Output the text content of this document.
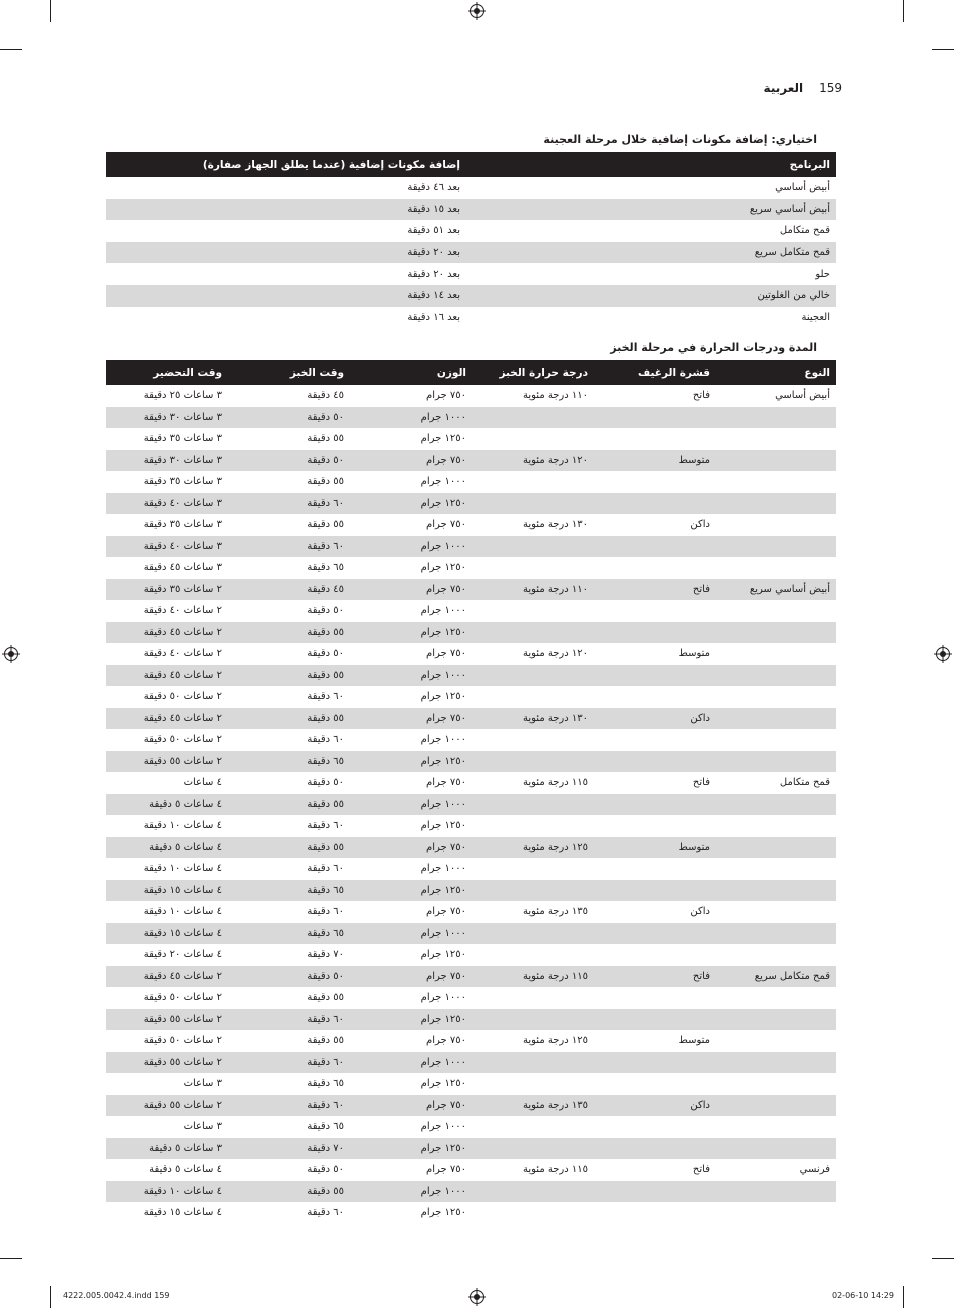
159
العربية
اختياري: إضافة مكونات إضافية خلال مرحلة العجينة
البرنامج	إضافة مكونات إضافية (عندما يطلق الجهاز صفارة)
أبيض أساسي	بعد ٤٦ دقيقة
أبيض أساسي سريع	بعد ١٥ دقيقة
قمح متكامل	بعد ٥١ دقيقة
قمح متكامل سريع	بعد ٢٠ دقيقة
حلو	بعد ٢٠ دقيقة
خالي من الغلوتين	بعد ١٤ دقيقة
العجينة	بعد ١٦ دقيقة
المدة ودرجات الحرارة في مرحلة الخبز
النوع	قشرة الرغيف	درجة حرارة الخبز	الوزن	وقت الخبز	وقت التحضير
أبيض أساسي	فاتح	١١٠ درجة مئوية	٧٥٠ جرام	٤٥ دقيقة	٣ ساعات ٢٥ دقيقة
			١٠٠٠ جرام	٥٠ دقيقة	٣ ساعات ٣٠ دقيقة
			١٢٥٠ جرام	٥٥ دقيقة	٣ ساعات ٣٥ دقيقة
	متوسط	١٢٠ درجة مئوية	٧٥٠ جرام	٥٠ دقيقة	٣ ساعات ٣٠ دقيقة
			١٠٠٠ جرام	٥٥ دقيقة	٣ ساعات ٣٥ دقيقة
			١٢٥٠ جرام	٦٠ دقيقة	٣ ساعات ٤٠ دقيقة
	داكن	١٣٠ درجة مئوية	٧٥٠ جرام	٥٥ دقيقة	٣ ساعات ٣٥ دقيقة
			١٠٠٠ جرام	٦٠ دقيقة	٣ ساعات ٤٠ دقيقة
			١٢٥٠ جرام	٦٥ دقيقة	٣ ساعات ٤٥ دقيقة
أبيض أساسي سريع	فاتح	١١٠ درجة مئوية	٧٥٠ جرام	٤٥ دقيقة	٢ ساعات ٣٥ دقيقة
			١٠٠٠ جرام	٥٠ دقيقة	٢ ساعات ٤٠ دقيقة
			١٢٥٠ جرام	٥٥ دقيقة	٢ ساعات ٤٥ دقيقة
	متوسط	١٢٠ درجة مئوية	٧٥٠ جرام	٥٠ دقيقة	٢ ساعات ٤٠ دقيقة
			١٠٠٠ جرام	٥٥ دقيقة	٢ ساعات ٤٥ دقيقة
			١٢٥٠ جرام	٦٠ دقيقة	٢ ساعات ٥٠ دقيقة
	داكن	١٣٠ درجة مئوية	٧٥٠ جرام	٥٥ دقيقة	٢ ساعات ٤٥ دقيقة
			١٠٠٠ جرام	٦٠ دقيقة	٢ ساعات ٥٠ دقيقة
			١٢٥٠ جرام	٦٥ دقيقة	٢ ساعات ٥٥ دقيقة
قمح متكامل	فاتح	١١٥ درجة مئوية	٧٥٠ جرام	٥٠ دقيقة	٤ ساعات
			١٠٠٠ جرام	٥٥ دقيقة	٤ ساعات ٥ دقيقة
			١٢٥٠ جرام	٦٠ دقيقة	٤ ساعات ١٠ دقيقة
	متوسط	١٢٥ درجة مئوية	٧٥٠ جرام	٥٥ دقيقة	٤ ساعات ٥ دقيقة
			١٠٠٠ جرام	٦٠ دقيقة	٤ ساعات ١٠ دقيقة
			١٢٥٠ جرام	٦٥ دقيقة	٤ ساعات ١٥ دقيقة
	داكن	١٣٥ درجة مئوية	٧٥٠ جرام	٦٠ دقيقة	٤ ساعات ١٠ دقيقة
			١٠٠٠ جرام	٦٥ دقيقة	٤ ساعات ١٥ دقيقة
			١٢٥٠ جرام	٧٠ دقيقة	٤ ساعات ٢٠ دقيقة
قمح متكامل سريع	فاتح	١١٥ درجة مئوية	٧٥٠ جرام	٥٠ دقيقة	٢ ساعات ٤٥ دقيقة
			١٠٠٠ جرام	٥٥ دقيقة	٢ ساعات ٥٠ دقيقة
			١٢٥٠ جرام	٦٠ دقيقة	٢ ساعات ٥٥ دقيقة
	متوسط	١٢٥ درجة مئوية	٧٥٠ جرام	٥٥ دقيقة	٢ ساعات ٥٠ دقيقة
			١٠٠٠ جرام	٦٠ دقيقة	٢ ساعات ٥٥ دقيقة
			١٢٥٠ جرام	٦٥ دقيقة	٣ ساعات
	داكن	١٣٥ درجة مئوية	٧٥٠ جرام	٦٠ دقيقة	٢ ساعات ٥٥ دقيقة
			١٠٠٠ جرام	٦٥ دقيقة	٣ ساعات
			١٢٥٠ جرام	٧٠ دقيقة	٣ ساعات ٥ دقيقة
فرنسي	فاتح	١١٥ درجة مئوية	٧٥٠ جرام	٥٠ دقيقة	٤ ساعات ٥ دقيقة
			١٠٠٠ جرام	٥٥ دقيقة	٤ ساعات ١٠ دقيقة
			١٢٥٠ جرام	٦٠ دقيقة	٤ ساعات ١٥ دقيقة
4222.005.0042.4.indd 159	02-06-10 14:29
